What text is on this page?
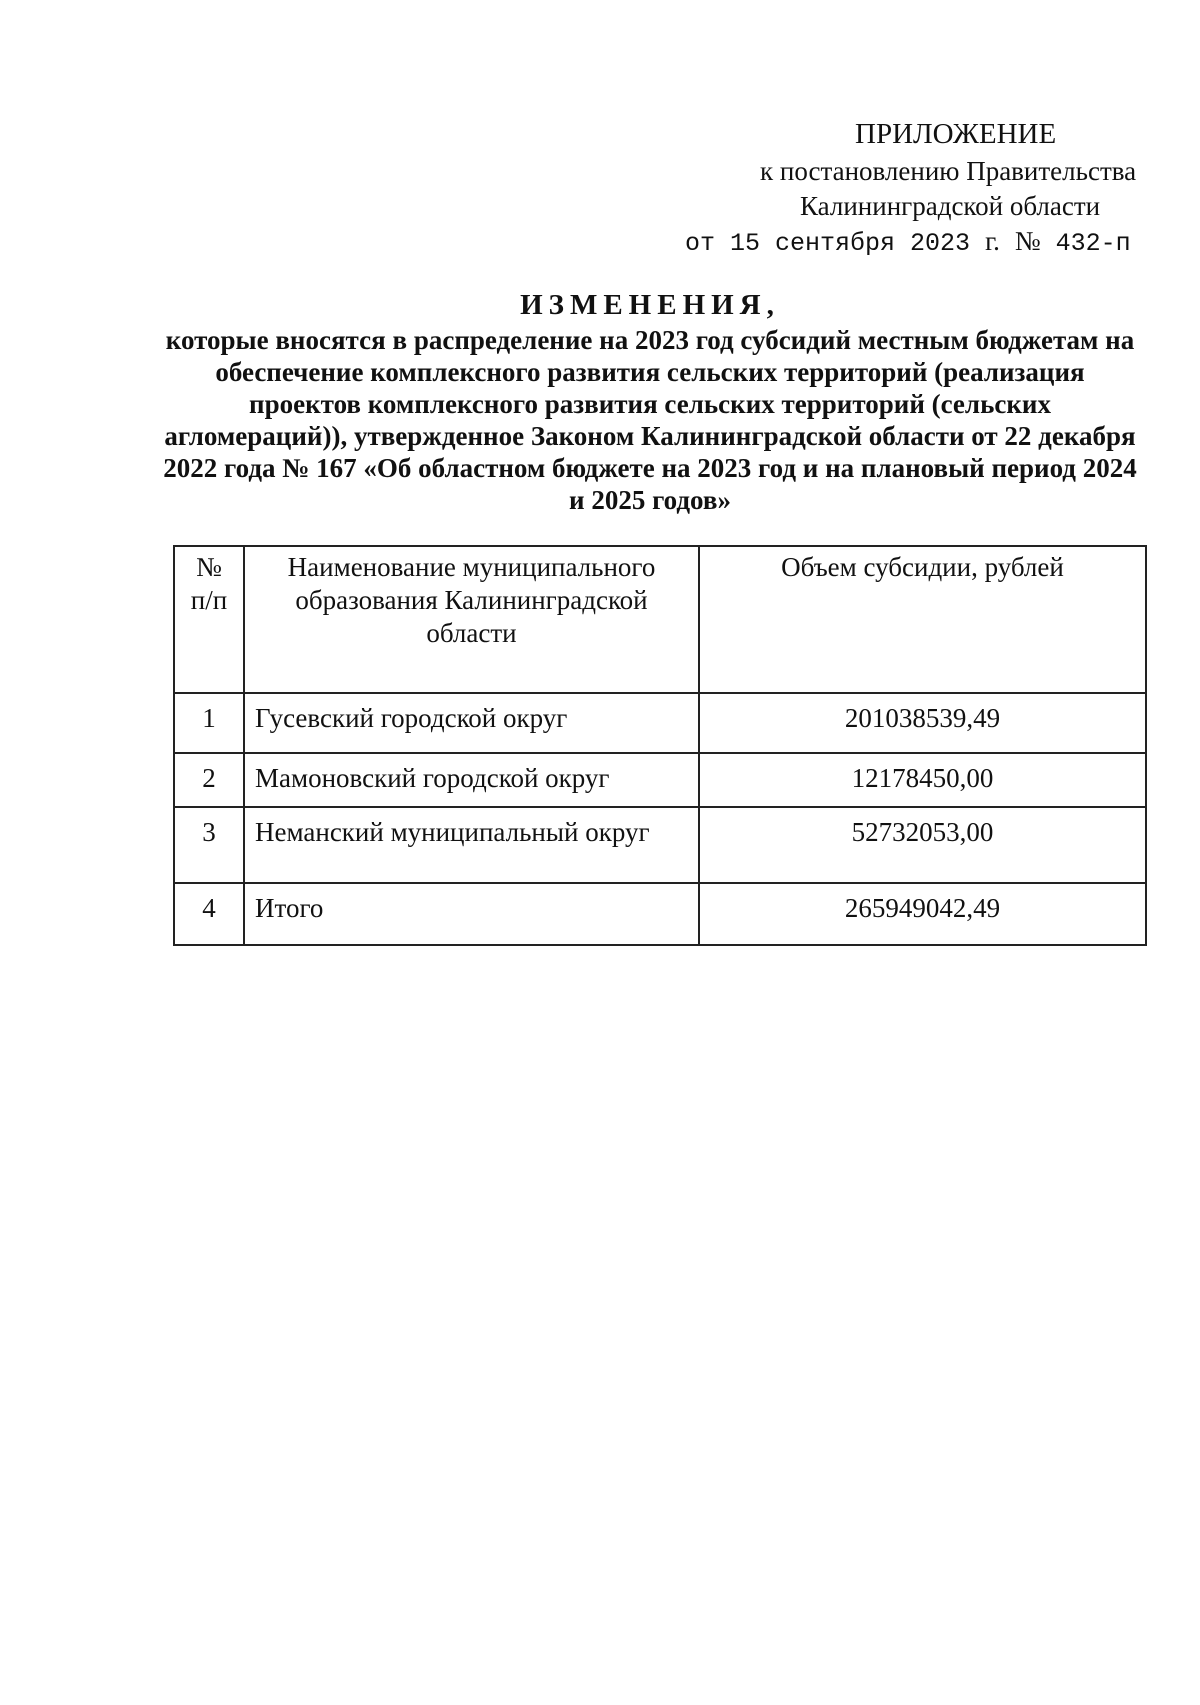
ПРИЛОЖЕНИЕ
к постановлению Правительства
Калининградской области
от 15 сентября 2023 г. № 432-п

ИЗМЕНЕНИЯ,

которые вносятся в распределение на 2023 год субсидий местным бюджетам на обеспечение комплексного развития сельских территорий (реализация проектов комплексного развития сельских территорий (сельских агломераций)), утвержденное Законом Калининградской области от 22 декабря 2022 года № 167 «Об областном бюджете на 2023 год и на плановый период 2024 и 2025 годов»

№ п/п	Наименование муниципального образования Калининградской области	Объем субсидии, рублей
1	Гусевский городской округ	201038539,49
2	Мамоновский городской округ	12178450,00
3	Неманский муниципальный округ	52732053,00
4	Итого	265949042,49
